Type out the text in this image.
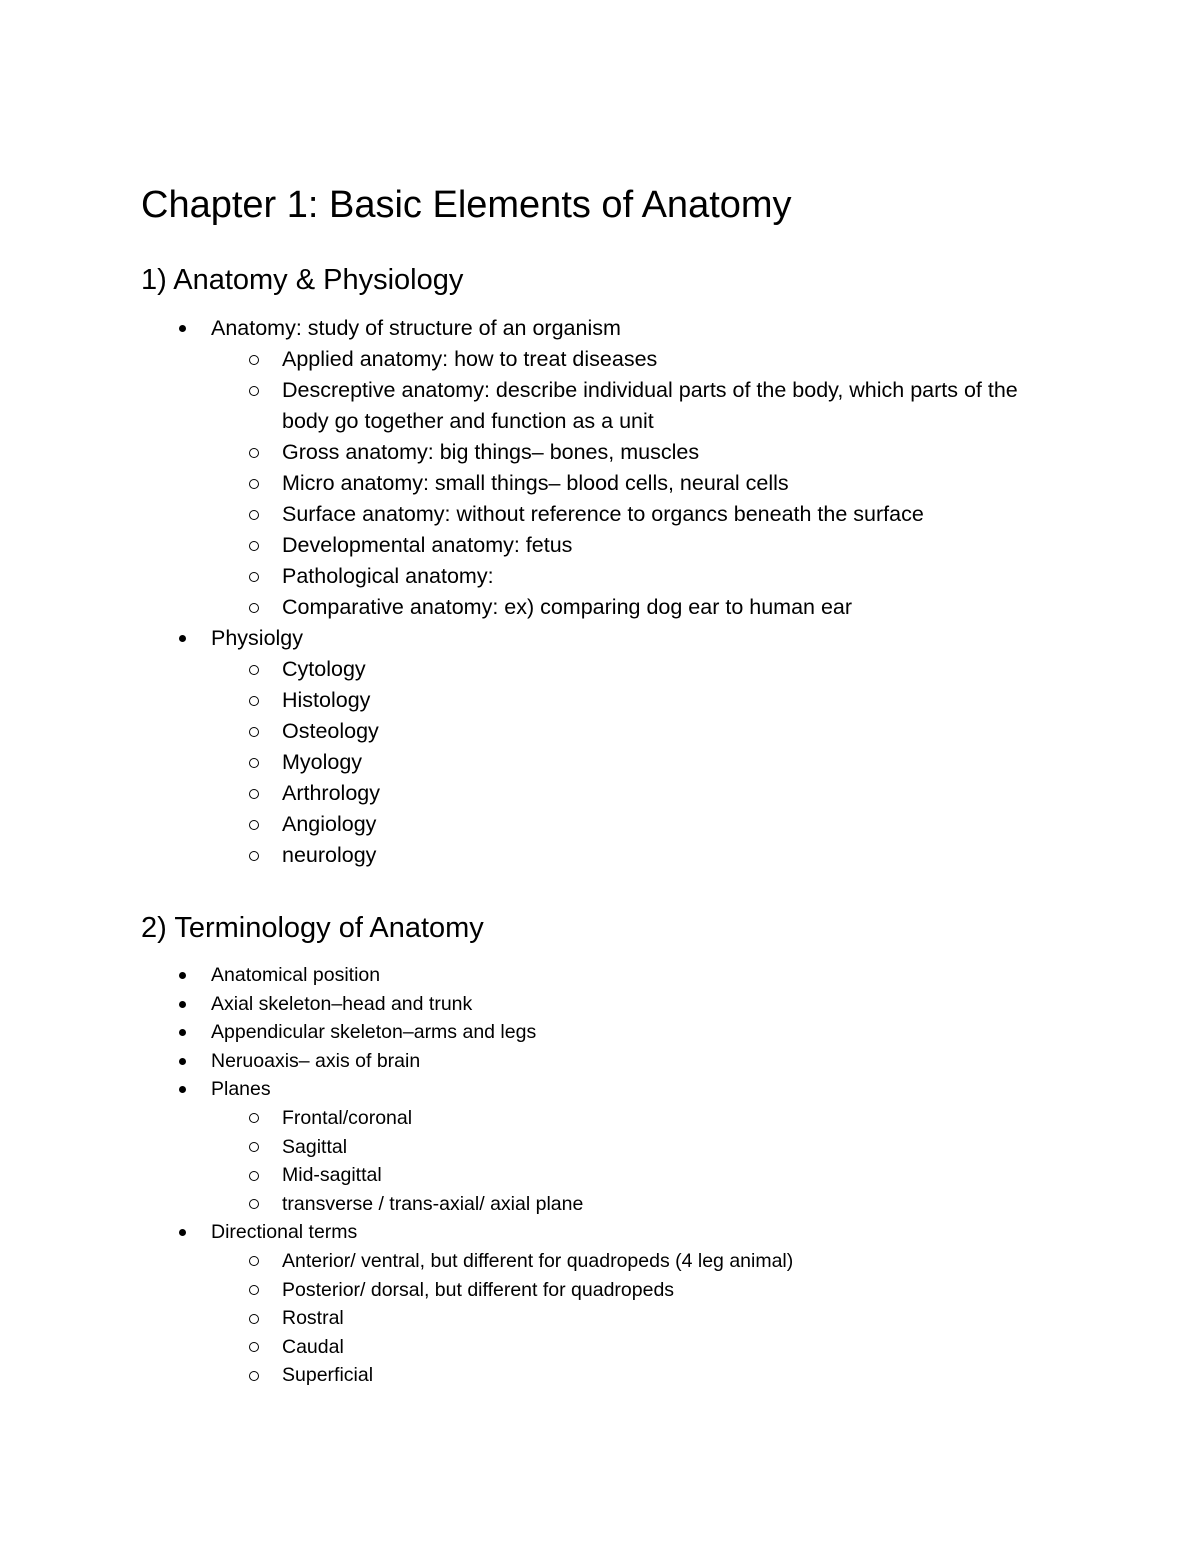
Chapter 1: Basic Elements of Anatomy
1) Anatomy & Physiology
Anatomy: study of structure of an organism
Applied anatomy: how to treat diseases
Descreptive anatomy: describe individual parts of the body, which parts of the body go together and function as a unit
Gross anatomy: big things– bones, muscles
Micro anatomy: small things– blood cells, neural cells
Surface anatomy: without reference to organcs beneath the surface
Developmental anatomy: fetus
Pathological anatomy:
Comparative anatomy: ex) comparing dog ear to human ear
Physiolgy
Cytology
Histology
Osteology
Myology
Arthrology
Angiology
neurology
2) Terminology of Anatomy
Anatomical position
Axial skeleton–head and trunk
Appendicular skeleton–arms and legs
Neruoaxis– axis of brain
Planes
Frontal/coronal
Sagittal
Mid-sagittal
transverse / trans-axial/ axial plane
Directional terms
Anterior/ ventral, but different for quadropeds (4 leg animal)
Posterior/ dorsal, but different for quadropeds
Rostral
Caudal
Superficial
